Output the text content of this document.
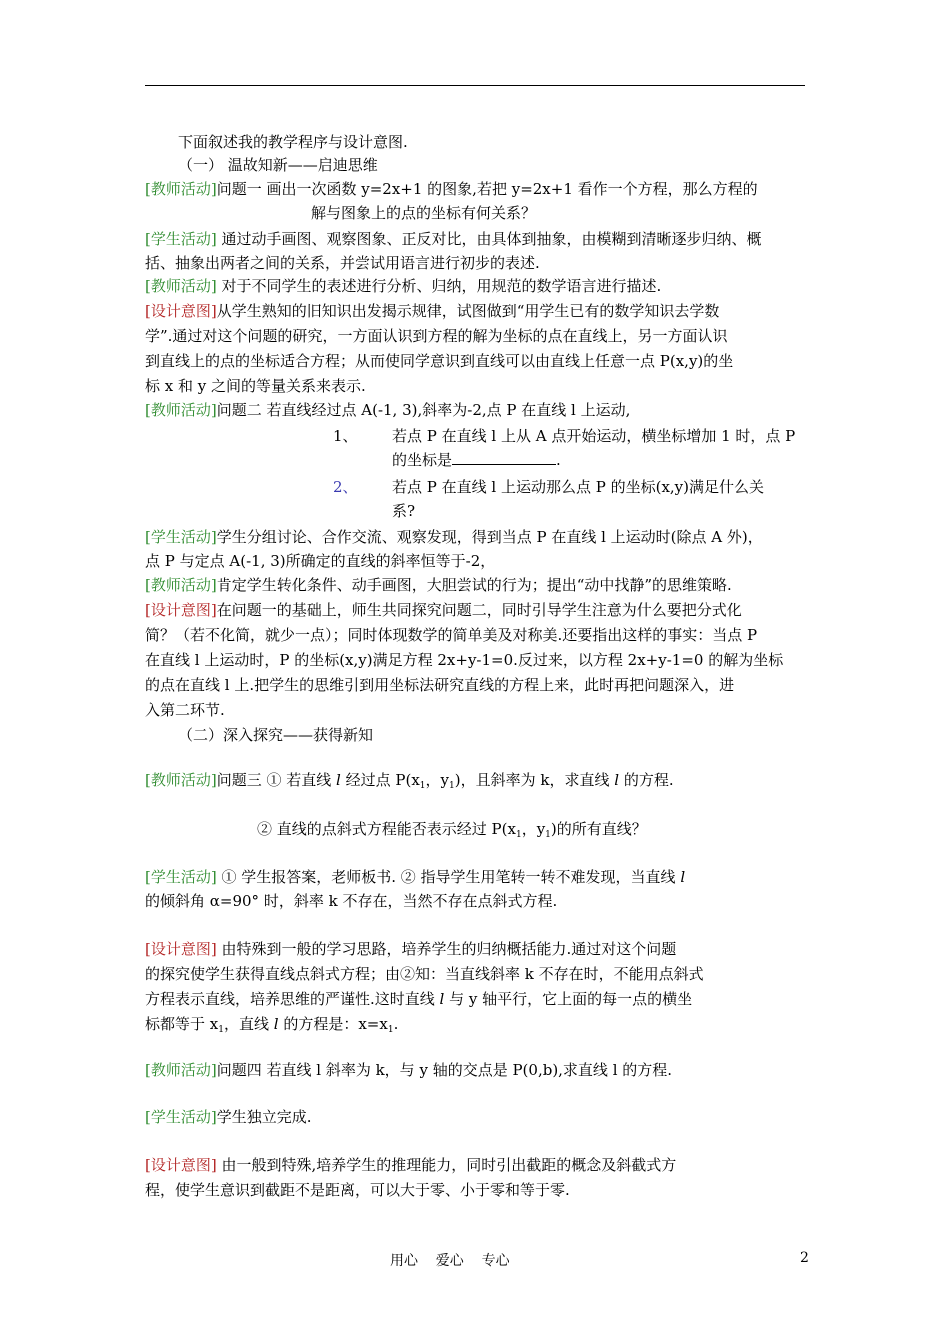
下面叙述我的教学程序与设计意图.
（一） 温故知新——启迪思维
[教师活动]问题一 画出一次函数 y=2x+1 的图象,若把 y=2x+1 看作一个方程，那么方程的
解与图象上的点的坐标有何关系？
[学生活动] 通过动手画图、观察图象、正反对比，由具体到抽象，由模糊到清晰逐步归纳、概
括、抽象出两者之间的关系，并尝试用语言进行初步的表述.
[教师活动] 对于不同学生的表述进行分析、归纳，用规范的数学语言进行描述.
[设计意图]从学生熟知的旧知识出发揭示规律，试图做到“用学生已有的数学知识去学数
学”.通过对这个问题的研究，一方面认识到方程的解为坐标的点在直线上，另一方面认识
到直线上的点的坐标适合方程；从而使同学意识到直线可以由直线上任意一点 P(x,y)的坐
标 x 和 y 之间的等量关系来表示.
[教师活动]问题二 若直线经过点 A(-1, 3),斜率为-2,点 P 在直线 l 上运动,
1、 若点 P 在直线 l 上从 A 点开始运动，横坐标增加 1 时，点 P
的坐标是	.
2、 若点 P 在直线 l 上运动那么点 P 的坐标(x,y)满足什么关
系?
[学生活动]学生分组讨论、合作交流、观察发现，得到当点 P 在直线 l 上运动时(除点 A 外)，
点 P 与定点 A(-1, 3)所确定的直线的斜率恒等于-2，
[教师活动]肯定学生转化条件、动手画图，大胆尝试的行为；提出“动中找静”的思维策略.
[设计意图]在问题一的基础上，师生共同探究问题二，同时引导学生注意为什么要把分式化
简？（若不化简，就少一点）；同时体现数学的简单美及对称美.还要指出这样的事实：当点 P
在直线 l 上运动时，P 的坐标(x,y)满足方程 2x+y-1=0.反过来，以方程 2x+y-1=0 的解为坐标
的点在直线 l 上.把学生的思维引到用坐标法研究直线的方程上来，此时再把问题深入，进
入第二环节.
（二）深入探究——获得新知
[教师活动]问题三 ① 若直线 l 经过点 $P(x_1$，$y_1$)，且斜率为 k，求直线 l 的方程.
② 直线的点斜式方程能否表示经过 $P(x_1$，$y_1$)的所有直线？
[学生活动] ① 学生报答案，老师板书. ② 指导学生用笔转一转不难发现，当直线 l
的倾斜角 α=90° 时，斜率 k 不存在，当然不存在点斜式方程.
[设计意图] 由特殊到一般的学习思路，培养学生的归纳概括能力.通过对这个问题
的探究使学生获得直线点斜式方程；由②知：当直线斜率 k 不存在时，不能用点斜式
方程表示直线，培养思维的严谨性.这时直线 l 与 y 轴平行，它上面的每一点的横坐
标都等于 $x_1$，直线 l 的方程是：$x=x_1$.
[教师活动]问题四 若直线 l 斜率为 k，与 y 轴的交点是 P(0,b),求直线 l 的方程.
[学生活动]学生独立完成.
[设计意图] 由一般到特殊,培养学生的推理能力，同时引出截距的概念及斜截式方
程，使学生意识到截距不是距离，可以大于零、小于零和等于零.
用心    爱心    专心	2
